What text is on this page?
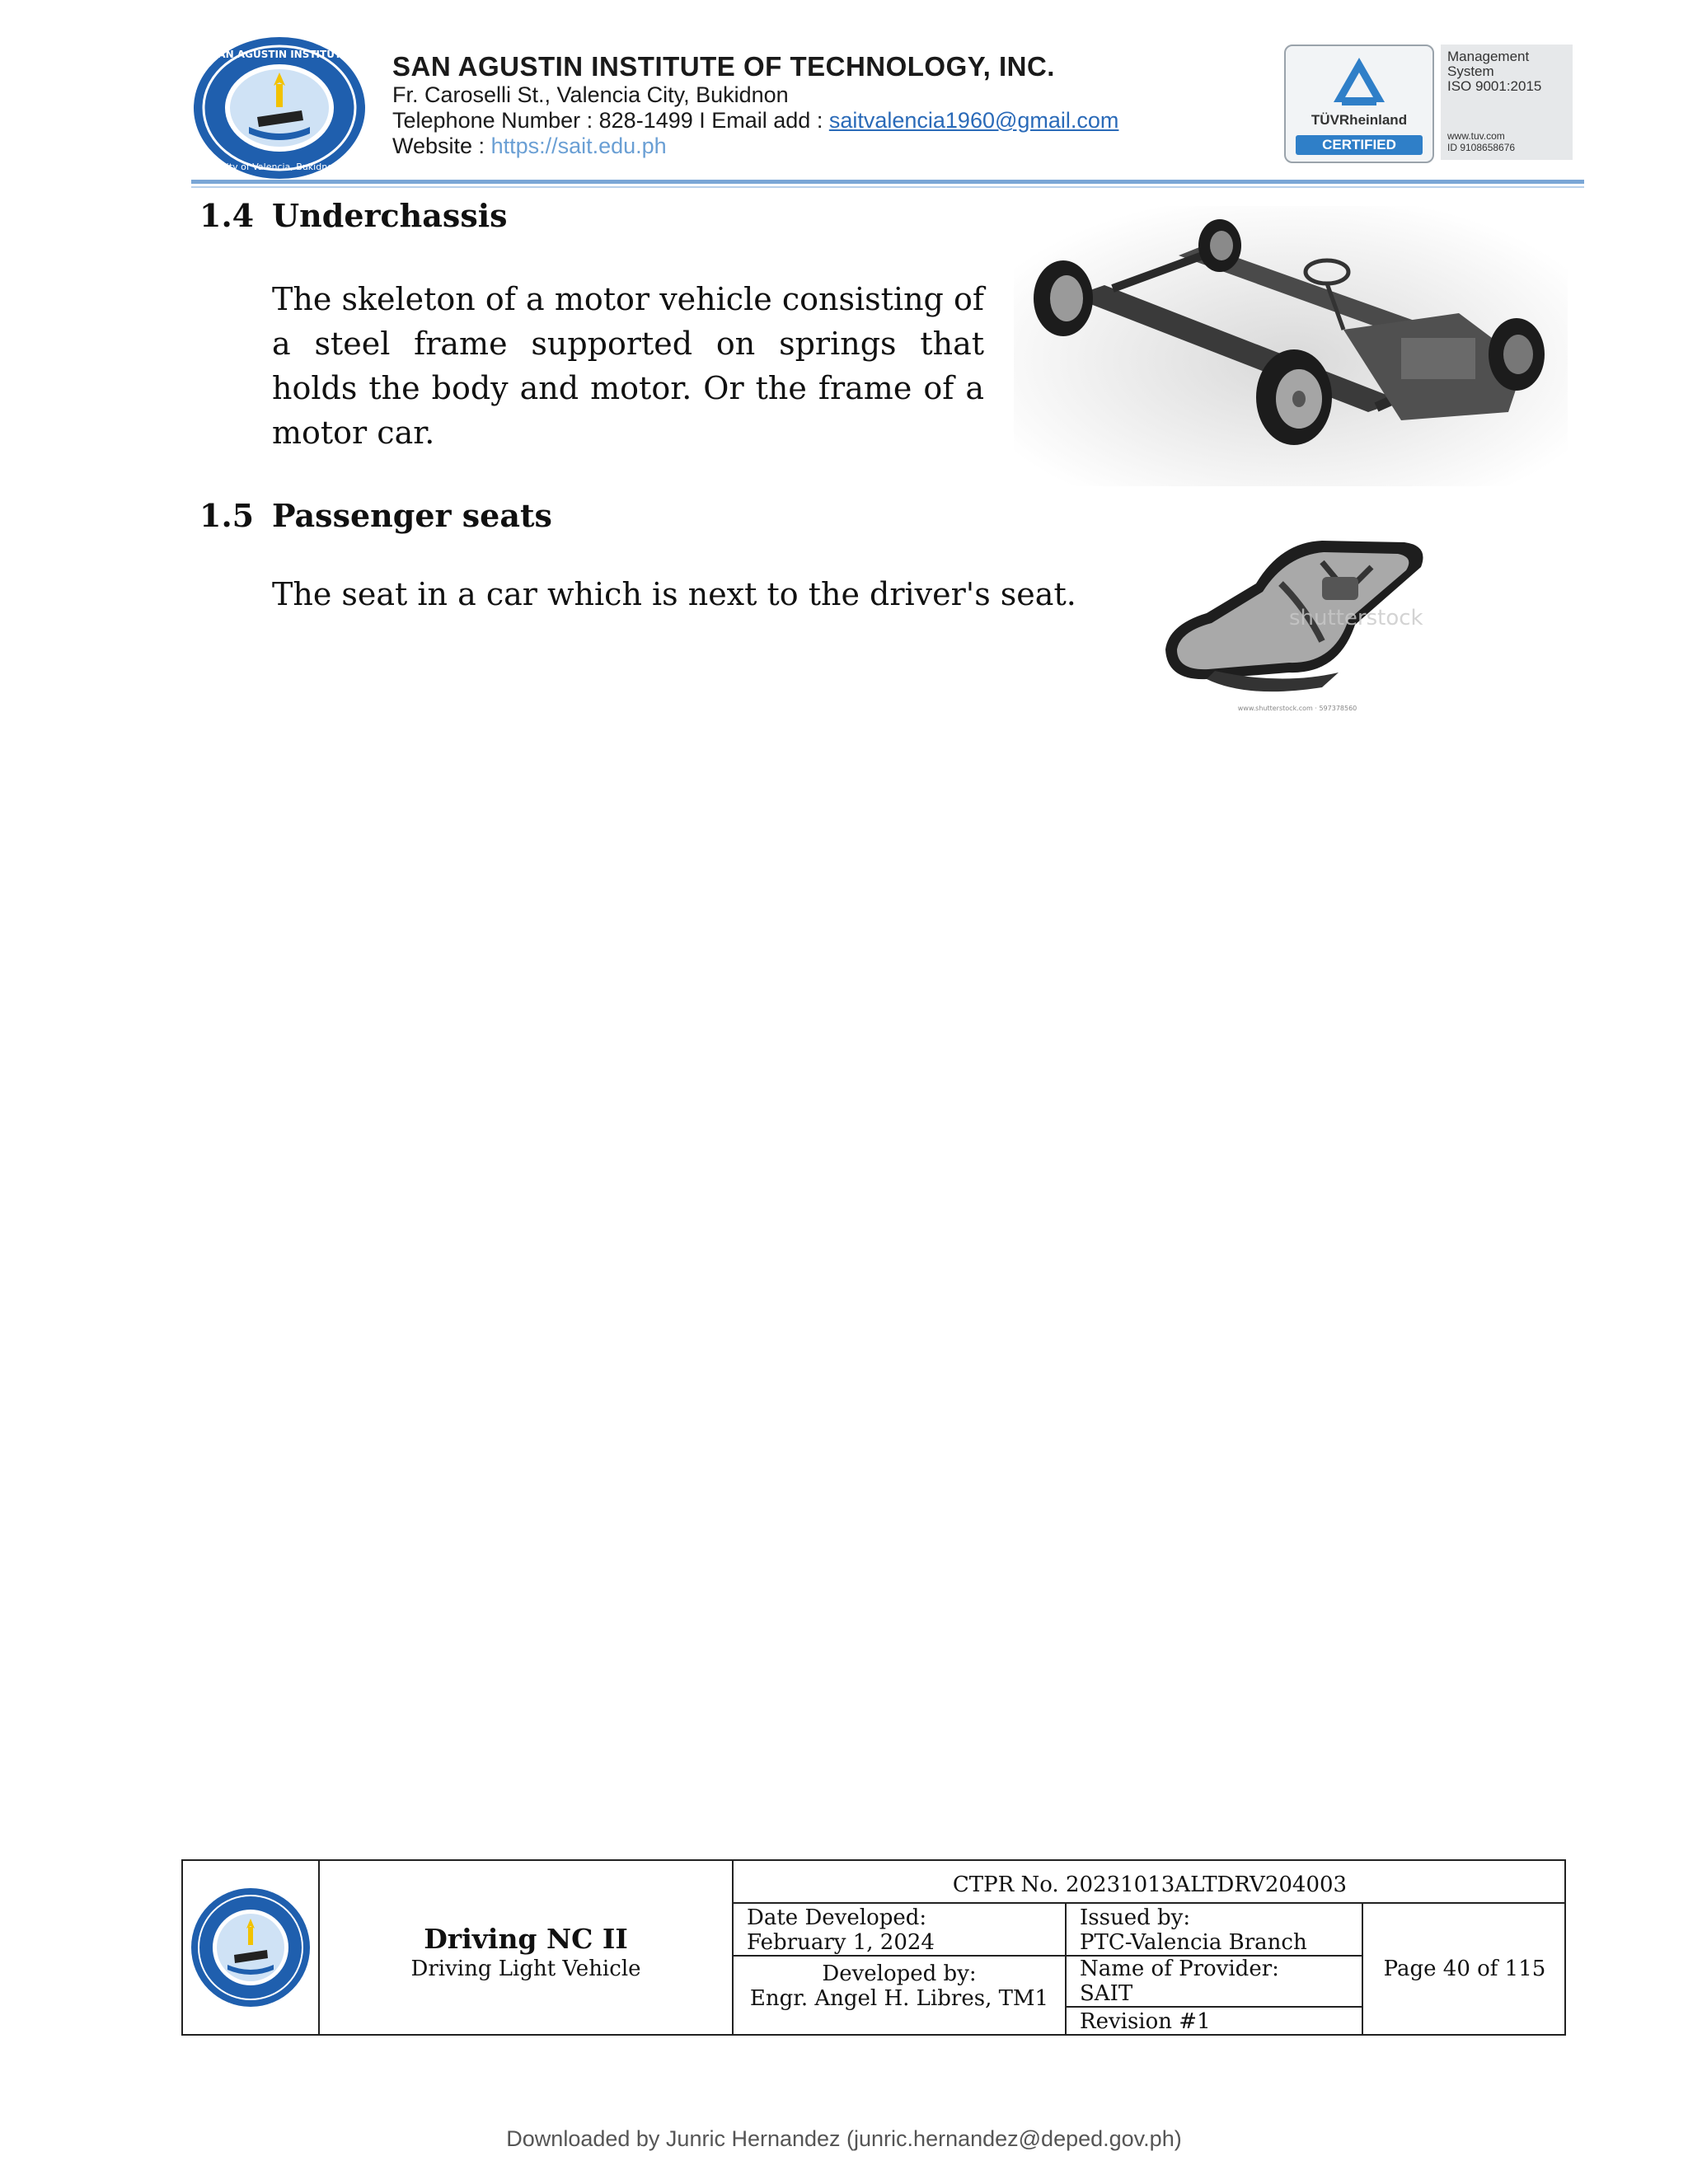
SAN AGUSTIN INSTITUTE
City of Valencia, Bukidnon
SAN AGUSTIN INSTITUTE OF TECHNOLOGY, INC.
Fr. Caroselli St., Valencia City, Bukidnon
Telephone Number : 828-1499 I Email add : saitvalencia1960@gmail.com
Website : https://sait.edu.ph
TÜVRheinland
CERTIFIED
Management
System
ISO 9001:2015
www.tuv.com
ID 9108658676
1.4 Underchassis
The skeleton of a motor vehicle consisting of a steel frame supported on springs that holds the body and motor. Or the frame of a motor car.
1.5 Passenger seats
The seat in a car which is next to the driver's seat.
shutterstock
www.shutterstock.com · 597378560
Driving NC II
Driving Light Vehicle
CTPR No. 20231013ALTDRV204003
Date Developed:
February 1, 2024
Developed by:
Engr. Angel H. Libres, TM1
Issued by:
PTC-Valencia Branch
Name of Provider:
SAIT
Revision #1
Page 40 of 115
Downloaded by Junric Hernandez (junric.hernandez@deped.gov.ph)
